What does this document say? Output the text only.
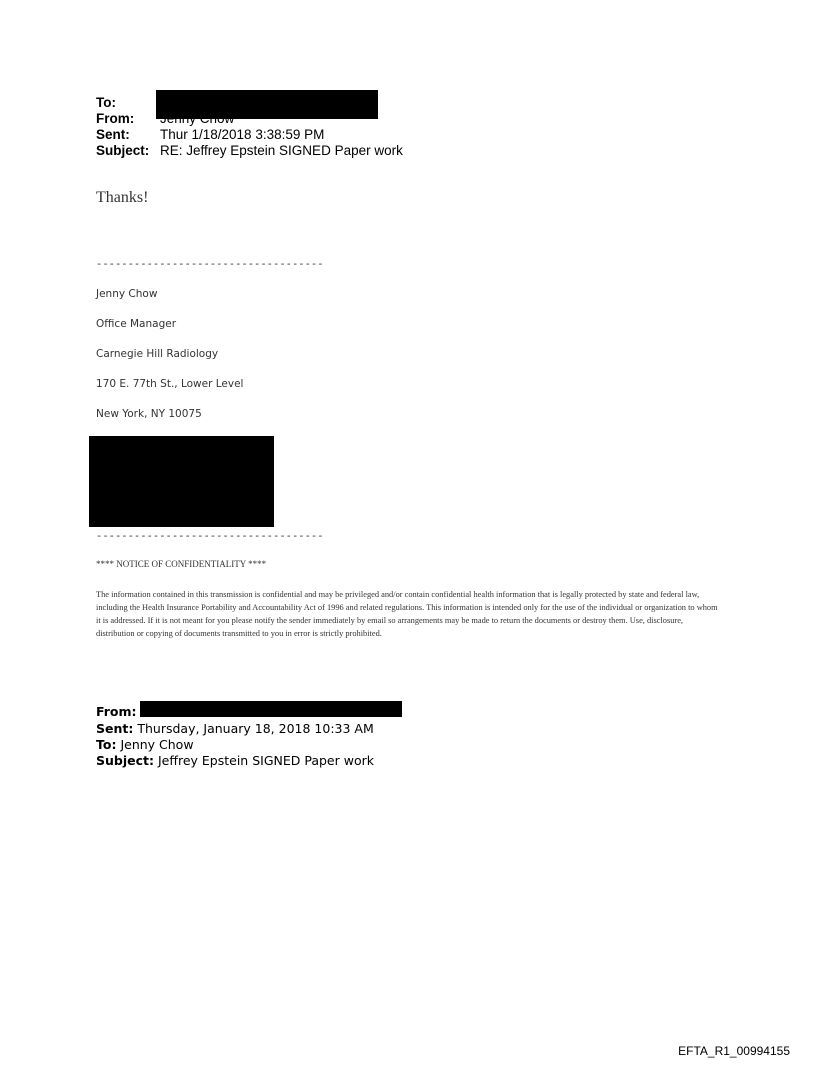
To:
From:
Sent: Thur 1/18/2018 3:38:59 PM
Subject: RE: Jeffrey Epstein SIGNED Paper work
Thanks!
------------------------------------
Jenny Chow
Office Manager
Carnegie Hill Radiology
170 E. 77th St., Lower Level
New York, NY 10075
------------------------------------
**** NOTICE OF CONFIDENTIALITY ****
The information contained in this transmission is confidential and may be privileged and/or contain confidential health information that is legally protected by state and federal law, including the Health Insurance Portability and Accountability Act of 1996 and related regulations. This information is intended only for the use of the individual or organization to whom it is addressed. If it is not meant for you please notify the sender immediately by email so arrangements may be made to return the documents or destroy them. Use, disclosure, distribution or copying of documents transmitted to you in error is strictly prohibited.
From:
Sent: Thursday, January 18, 2018 10:33 AM
To: Jenny Chow
Subject: Jeffrey Epstein SIGNED Paper work
EFTA_R1_00994155
